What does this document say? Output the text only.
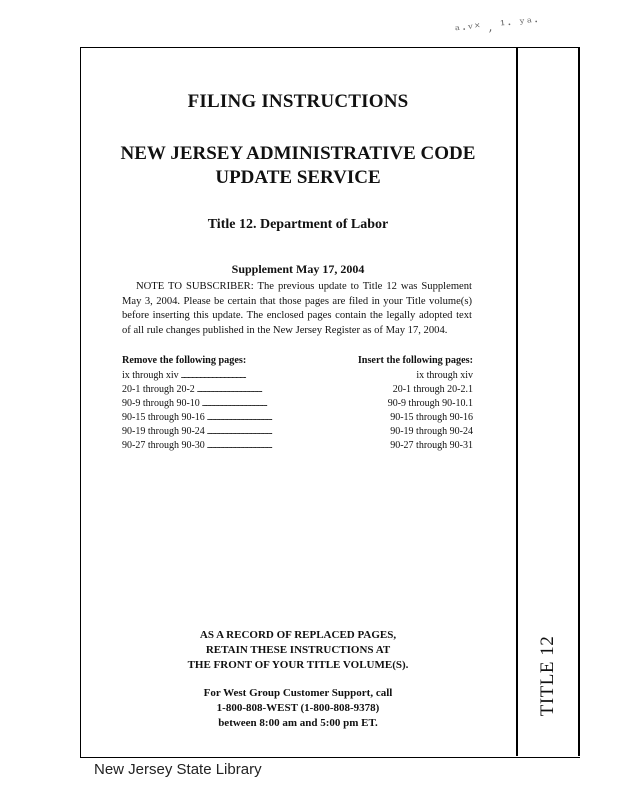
ᵃ·ᵛ˟ , ¹· ʸᵃ·
FILING INSTRUCTIONS
NEW JERSEY ADMINISTRATIVE CODE
UPDATE SERVICE
Title 12. Department of Labor
Supplement May 17, 2004
NOTE TO SUBSCRIBER: The previous update to Title 12 was Supplement May 3, 2004. Please be certain that those pages are filed in your Title volume(s) before inserting this update. The enclosed pages contain the legally adopted text of all rule changes published in the New Jersey Register as of May 17, 2004.
Remove the following pages:	Insert the following pages:
ix through xiv . . .	ix through xiv
20-1 through 20-2 . . .	20-1 through 20-2.1
90-9 through 90-10 . . .	90-9 through 90-10.1
90-15 through 90-16 . . .	90-15 through 90-16
90-19 through 90-24 . . .	90-19 through 90-24
90-27 through 90-30 . . .	90-27 through 90-31
AS A RECORD OF REPLACED PAGES,
RETAIN THESE INSTRUCTIONS AT
THE FRONT OF YOUR TITLE VOLUME(S).
For West Group Customer Support, call
1-800-808-WEST (1-800-808-9378)
between 8:00 am and 5:00 pm ET.
TITLE 12
New Jersey State Library
